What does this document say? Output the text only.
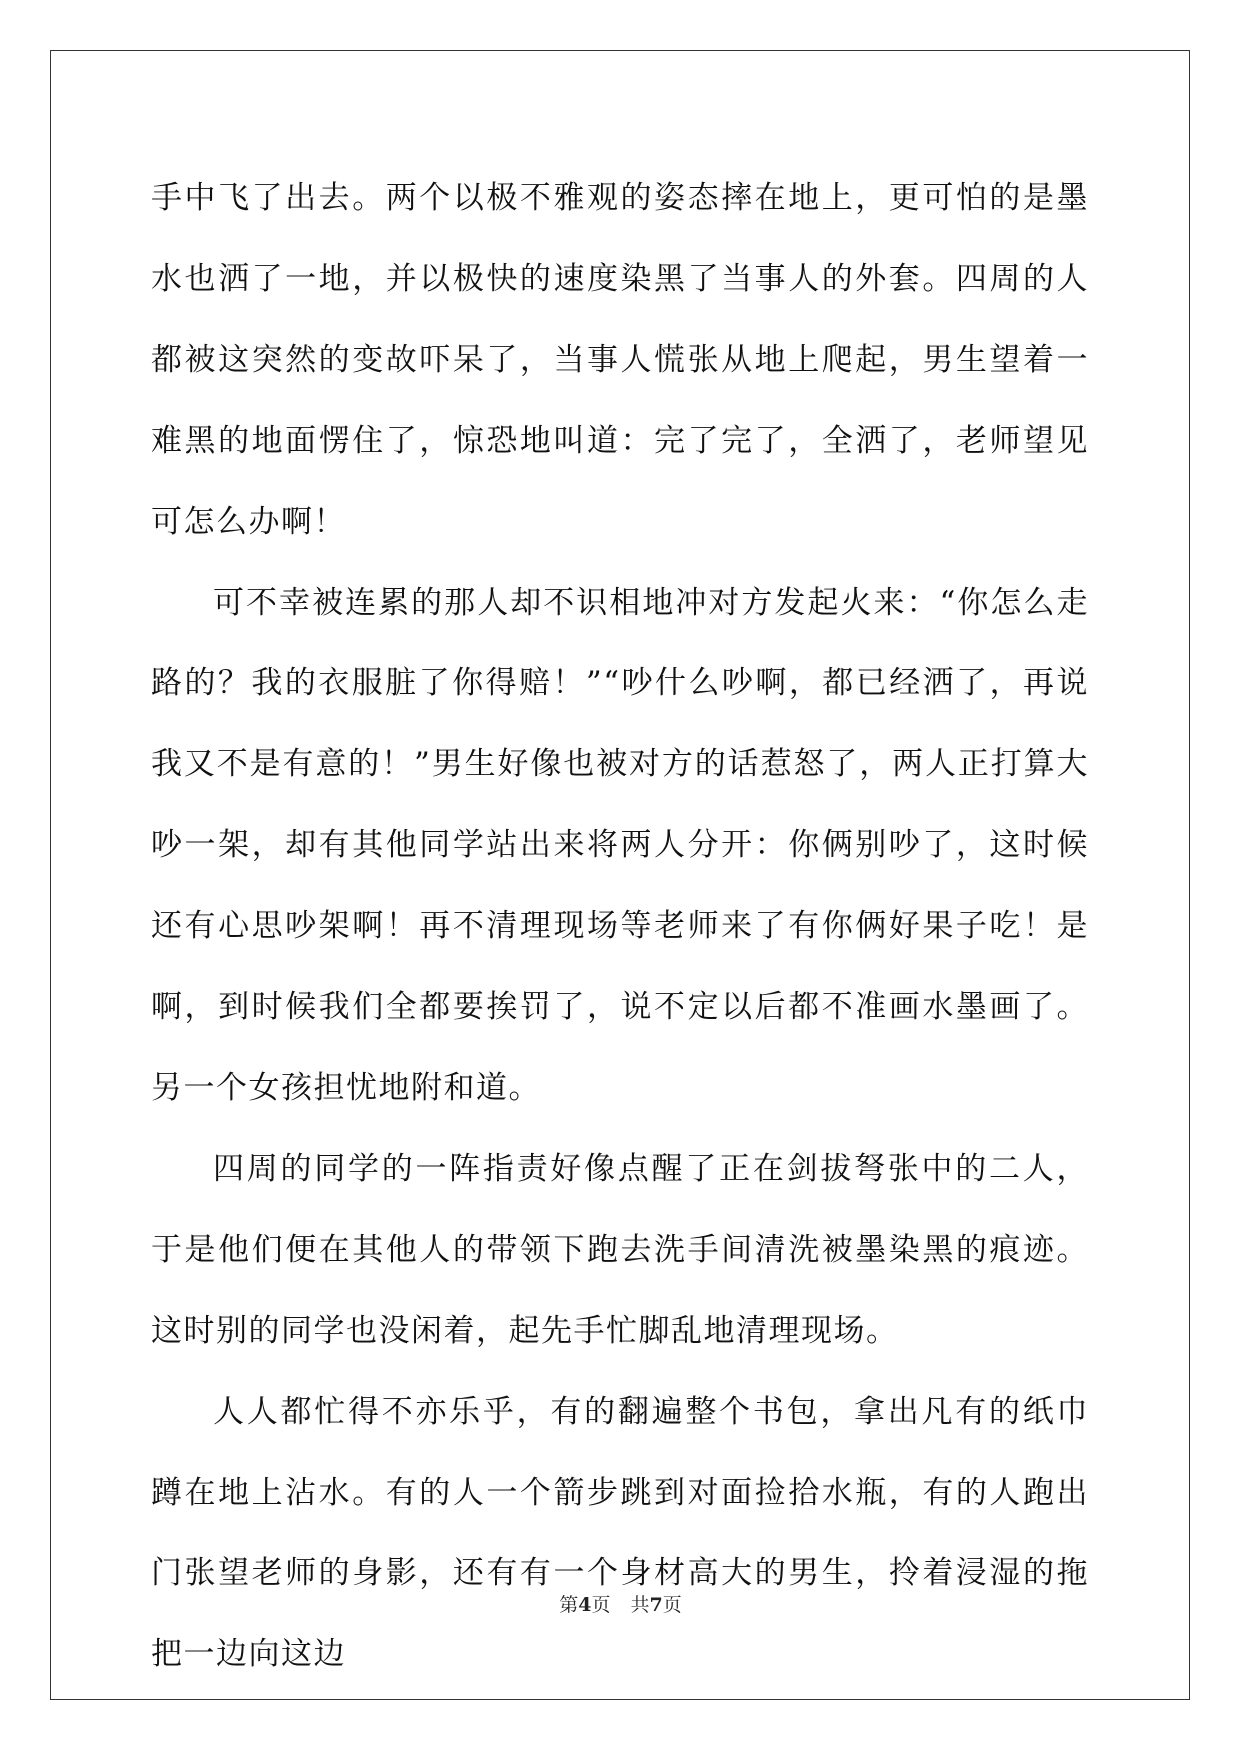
手中飞了出去。两个以极不雅观的姿态摔在地上，更可怕的是墨水也洒了一地，并以极快的速度染黑了当事人的外套。四周的人都被这突然的变故吓呆了，当事人慌张从地上爬起，男生望着一难黑的地面愣住了，惊恐地叫道：完了完了，全洒了，老师望见可怎么办啊！

可不幸被连累的那人却不识相地冲对方发起火来：“你怎么走路的？我的衣服脏了你得赔！”“吵什么吵啊，都已经洒了，再说我又不是有意的！”男生好像也被对方的话惹怒了，两人正打算大吵一架，却有其他同学站出来将两人分开：你俩别吵了，这时候还有心思吵架啊！再不清理现场等老师来了有你俩好果子吃！是啊，到时候我们全都要挨罚了，说不定以后都不准画水墨画了。另一个女孩担忧地附和道。

四周的同学的一阵指责好像点醒了正在剑拔弩张中的二人，于是他们便在其他人的带领下跑去洗手间清洗被墨染黑的痕迹。这时别的同学也没闲着，起先手忙脚乱地清理现场。

人人都忙得不亦乐乎，有的翻遍整个书包，拿出凡有的纸巾蹲在地上沾水。有的人一个箭步跳到对面捡拾水瓶，有的人跑出门张望老师的身影，还有有一个身材高大的男生，拎着浸湿的拖把一边向这边

第4页 共7页
